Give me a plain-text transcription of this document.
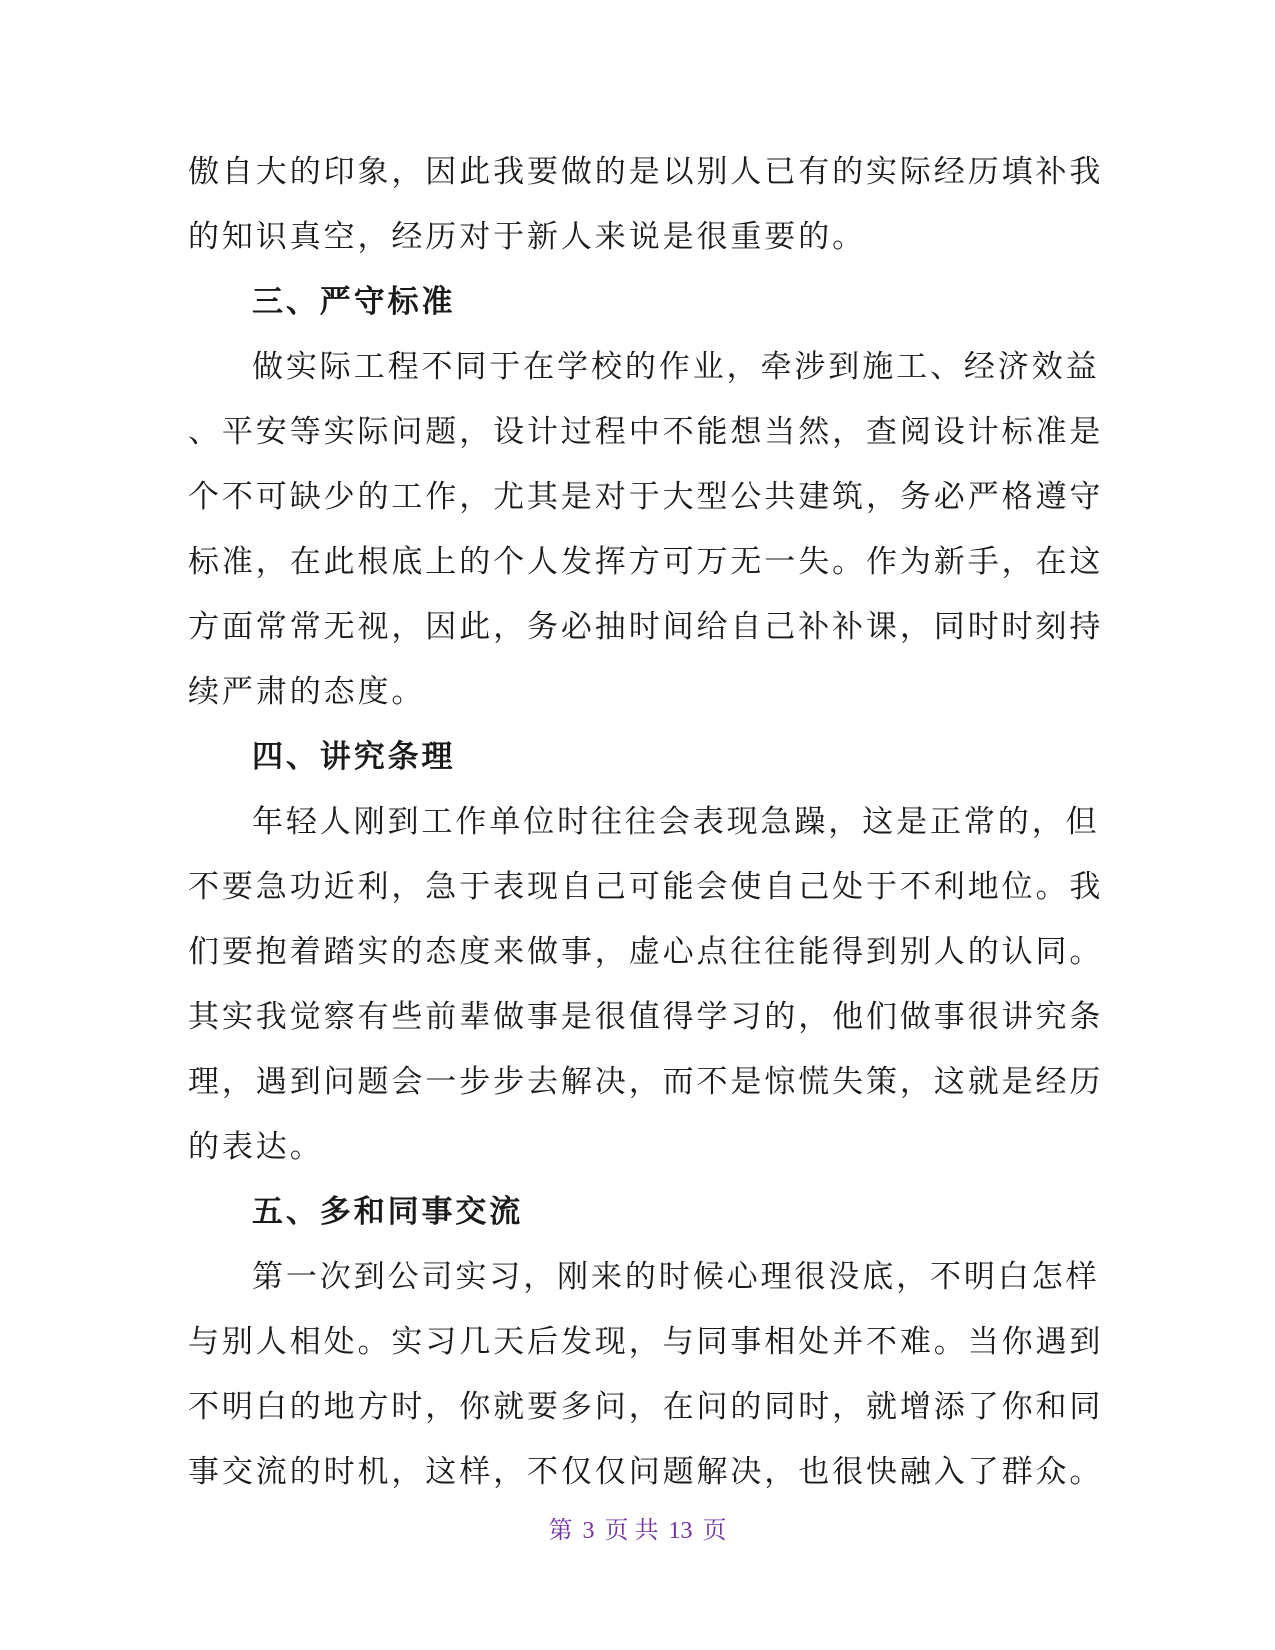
傲自大的印象，因此我要做的是以别人已有的实际经历填补我
的知识真空，经历对于新人来说是很重要的。
三、严守标准
做实际工程不同于在学校的作业，牵涉到施工、经济效益
、平安等实际问题，设计过程中不能想当然，查阅设计标准是
个不可缺少的工作，尤其是对于大型公共建筑，务必严格遵守
标准，在此根底上的个人发挥方可万无一失。作为新手，在这
方面常常无视，因此，务必抽时间给自己补补课，同时时刻持
续严肃的态度。
四、讲究条理
年轻人刚到工作单位时往往会表现急躁，这是正常的，但
不要急功近利，急于表现自己可能会使自己处于不利地位。我
们要抱着踏实的态度来做事，虚心点往往能得到别人的认同。
其实我觉察有些前辈做事是很值得学习的，他们做事很讲究条
理，遇到问题会一步步去解决，而不是惊慌失策，这就是经历
的表达。
五、多和同事交流
第一次到公司实习，刚来的时候心理很没底，不明白怎样
与别人相处。实习几天后发现，与同事相处并不难。当你遇到
不明白的地方时，你就要多问，在问的同时，就增添了你和同
事交流的时机，这样，不仅仅问题解决，也很快融入了群众。
第 3 页 共 13 页
